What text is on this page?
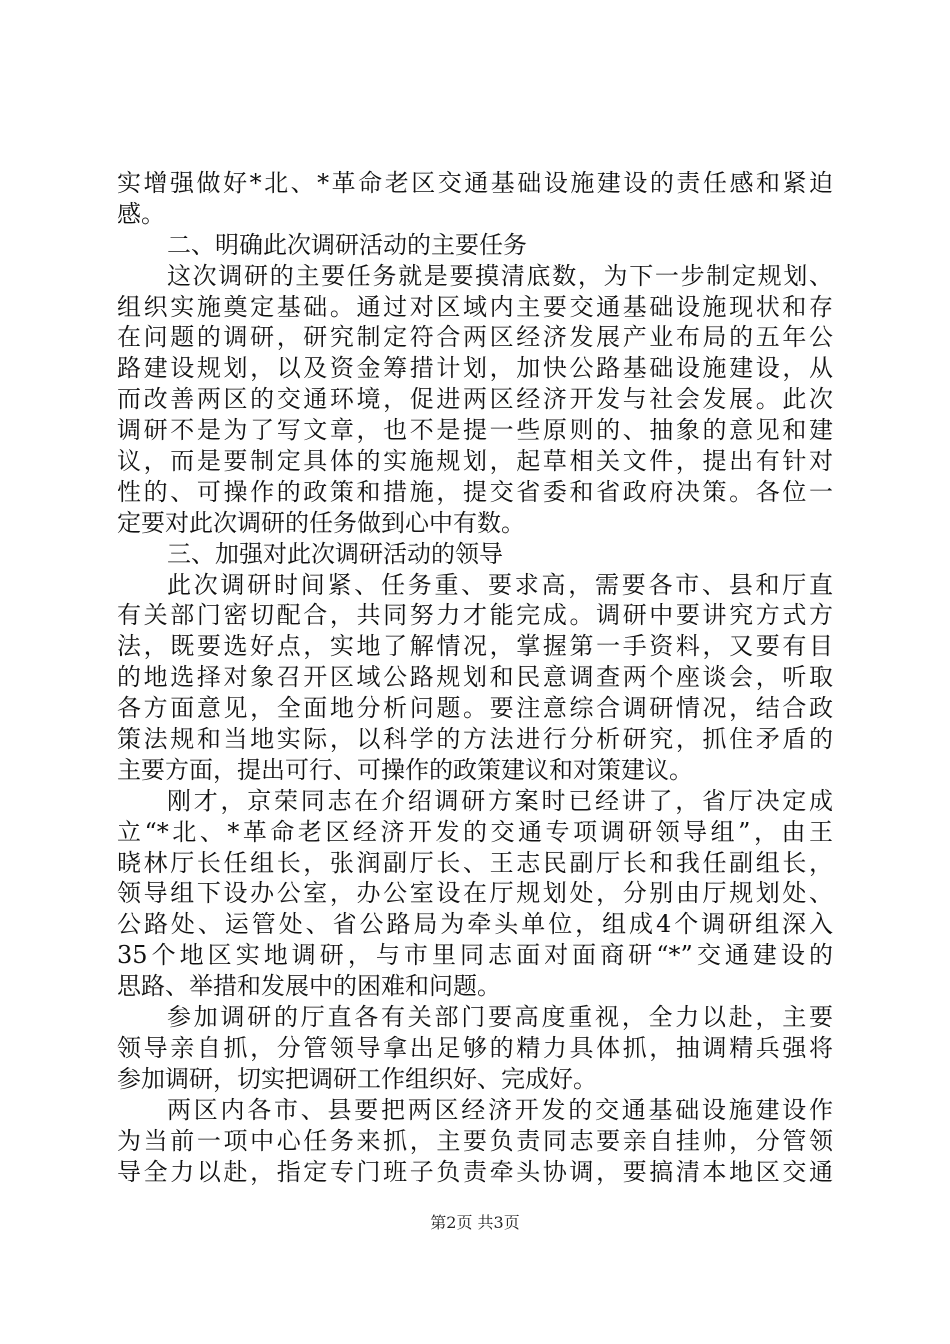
实增强做好*北、*革命老区交通基础设施建设的责任感和紧迫
感。
二、明确此次调研活动的主要任务
这次调研的主要任务就是要摸清底数，为下一步制定规划、
组织实施奠定基础。通过对区域内主要交通基础设施现状和存
在问题的调研，研究制定符合两区经济发展产业布局的五年公
路建设规划，以及资金筹措计划，加快公路基础设施建设，从
而改善两区的交通环境，促进两区经济开发与社会发展。此次
调研不是为了写文章，也不是提一些原则的、抽象的意见和建
议，而是要制定具体的实施规划，起草相关文件，提出有针对
性的、可操作的政策和措施，提交省委和省政府决策。各位一
定要对此次调研的任务做到心中有数。
三、加强对此次调研活动的领导
此次调研时间紧、任务重、要求高，需要各市、县和厅直
有关部门密切配合，共同努力才能完成。调研中要讲究方式方
法，既要选好点，实地了解情况，掌握第一手资料，又要有目
的地选择对象召开区域公路规划和民意调查两个座谈会，听取
各方面意见，全面地分析问题。要注意综合调研情况，结合政
策法规和当地实际，以科学的方法进行分析研究，抓住矛盾的
主要方面，提出可行、可操作的政策建议和对策建议。
刚才，京荣同志在介绍调研方案时已经讲了，省厅决定成
立“*北、*革命老区经济开发的交通专项调研领导组”，由王
晓林厅长任组长，张润副厅长、王志民副厅长和我任副组长，
领导组下设办公室，办公室设在厅规划处，分别由厅规划处、
公路处、运管处、省公路局为牵头单位，组成4个调研组深入
35个地区实地调研，与市里同志面对面商研“*”交通建设的
思路、举措和发展中的困难和问题。
参加调研的厅直各有关部门要高度重视，全力以赴，主要
领导亲自抓，分管领导拿出足够的精力具体抓，抽调精兵强将
参加调研，切实把调研工作组织好、完成好。
两区内各市、县要把两区经济开发的交通基础设施建设作
为当前一项中心任务来抓，主要负责同志要亲自挂帅，分管领
导全力以赴，指定专门班子负责牵头协调，要搞清本地区交通
第2页 共3页
